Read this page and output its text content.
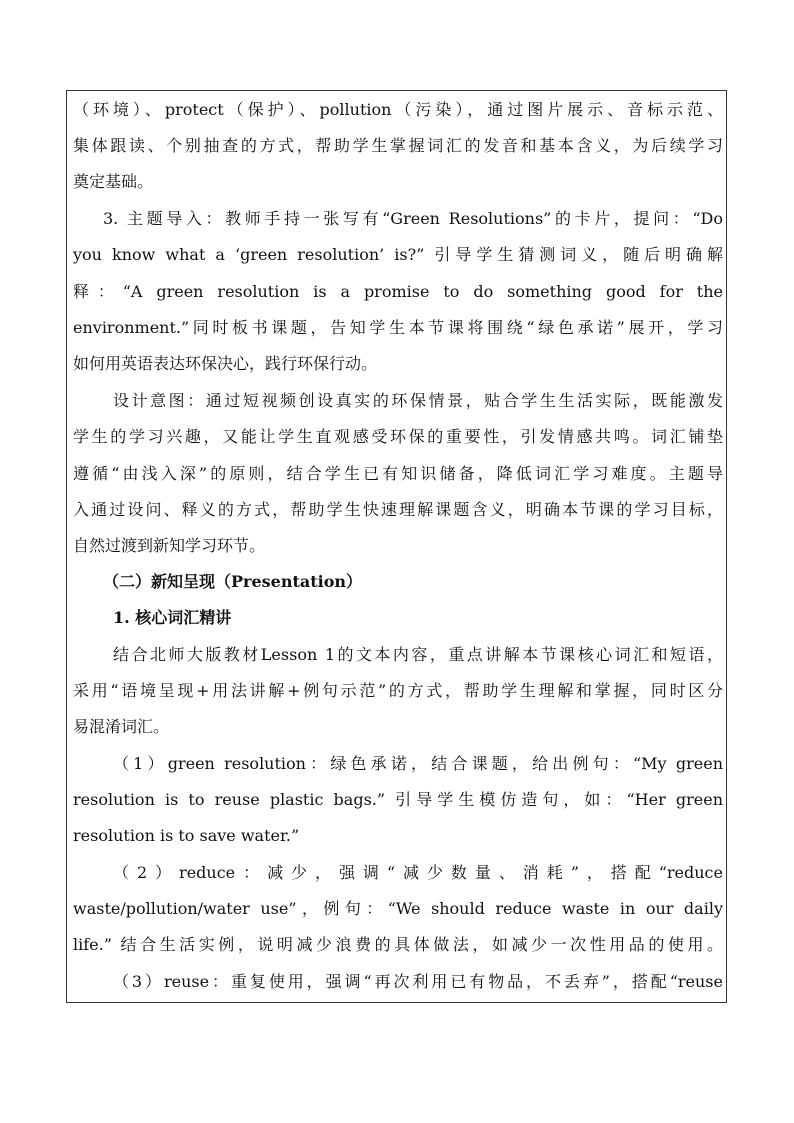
（环境）、protect（保护）、pollution（污染），通过图片展示、音标示范、
集体跟读、个别抽查的方式，帮助学生掌握词汇的发音和基本含义，为后续学习
奠定基础。
3. 主题导入：教师手持一张写有“Green Resolutions”的卡片，提问：“Do
you know what a ‘green resolution’ is?” 引导学生猜测词义，随后明确解
释：“A green resolution is a promise to do something good for the
environment.”同时板书课题，告知学生本节课将围绕“绿色承诺”展开，学习
如何用英语表达环保决心，践行环保行动。
设计意图：通过短视频创设真实的环保情景，贴合学生生活实际，既能激发
学生的学习兴趣，又能让学生直观感受环保的重要性，引发情感共鸣。词汇铺垫
遵循“由浅入深”的原则，结合学生已有知识储备，降低词汇学习难度。主题导
入通过设问、释义的方式，帮助学生快速理解课题含义，明确本节课的学习目标，
自然过渡到新知学习环节。
（二）新知呈现（Presentation）
1. 核心词汇精讲
结合北师大版教材Lesson 1的文本内容，重点讲解本节课核心词汇和短语，
采用“语境呈现+用法讲解+例句示范”的方式，帮助学生理解和掌握，同时区分
易混淆词汇。
（1）green resolution：绿色承诺，结合课题，给出例句：“My green
resolution is to reuse plastic bags.” 引导学生模仿造句，如：“Her green
resolution is to save water.”
（2）reduce：减少，强调“减少数量、消耗”，搭配“reduce
waste/pollution/water use”，例句：“We should reduce waste in our daily
life.” 结合生活实例，说明减少浪费的具体做法，如减少一次性用品的使用。
（3）reuse：重复使用，强调“再次利用已有物品，不丢弃”，搭配“reuse
